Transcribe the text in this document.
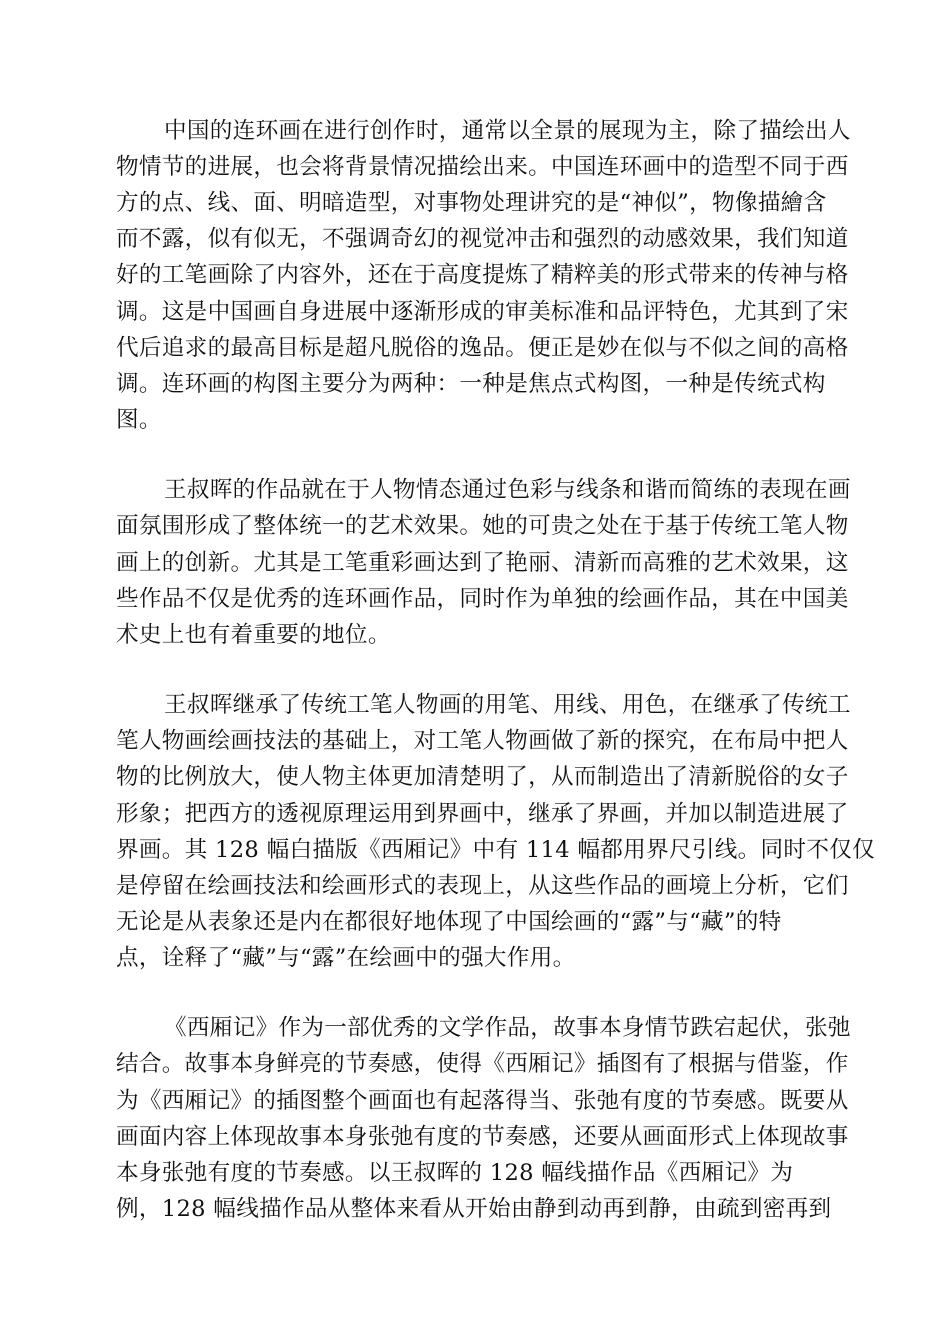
中国的连环画在进行创作时，通常以全景的展现为主，除了描绘出人
物情节的进展，也会将背景情况描绘出来。中国连环画中的造型不同于西
方的点、线、面、明暗造型，对事物处理讲究的是“神似”，物像描繪含
而不露，似有似无，不强调奇幻的视觉冲击和强烈的动感效果，我们知道
好的工笔画除了内容外，还在于高度提炼了精粹美的形式带来的传神与格
调。这是中国画自身进展中逐渐形成的审美标准和品评特色，尤其到了宋
代后追求的最高目标是超凡脱俗的逸品。便正是妙在似与不似之间的高格
调。连环画的构图主要分为两种：一种是焦点式构图，一种是传统式构
图。
王叔晖的作品就在于人物情态通过色彩与线条和谐而简练的表现在画
面氛围形成了整体统一的艺术效果。她的可贵之处在于基于传统工笔人物
画上的创新。尤其是工笔重彩画达到了艳丽、清新而高雅的艺术效果，这
些作品不仅是优秀的连环画作品，同时作为单独的绘画作品，其在中国美
术史上也有着重要的地位。
王叔晖继承了传统工笔人物画的用笔、用线、用色，在继承了传统工
笔人物画绘画技法的基础上，对工笔人物画做了新的探究，在布局中把人
物的比例放大，使人物主体更加清楚明了，从而制造出了清新脱俗的女子
形象；把西方的透视原理运用到界画中，继承了界画，并加以制造进展了
界画。其 128 幅白描版《西厢记》中有 114 幅都用界尺引线。同时不仅仅
是停留在绘画技法和绘画形式的表现上，从这些作品的画境上分析，它们
无论是从表象还是内在都很好地体现了中国绘画的“露”与“藏”的特
点，诠释了“藏”与“露”在绘画中的强大作用。
《西厢记》作为一部优秀的文学作品，故事本身情节跌宕起伏，张弛
结合。故事本身鲜亮的节奏感，使得《西厢记》插图有了根据与借鉴，作
为《西厢记》的插图整个画面也有起落得当、张弛有度的节奏感。既要从
画面内容上体现故事本身张弛有度的节奏感，还要从画面形式上体现故事
本身张弛有度的节奏感。以王叔晖的 128 幅线描作品《西厢记》为
例，128 幅线描作品从整体来看从开始由静到动再到静，由疏到密再到
